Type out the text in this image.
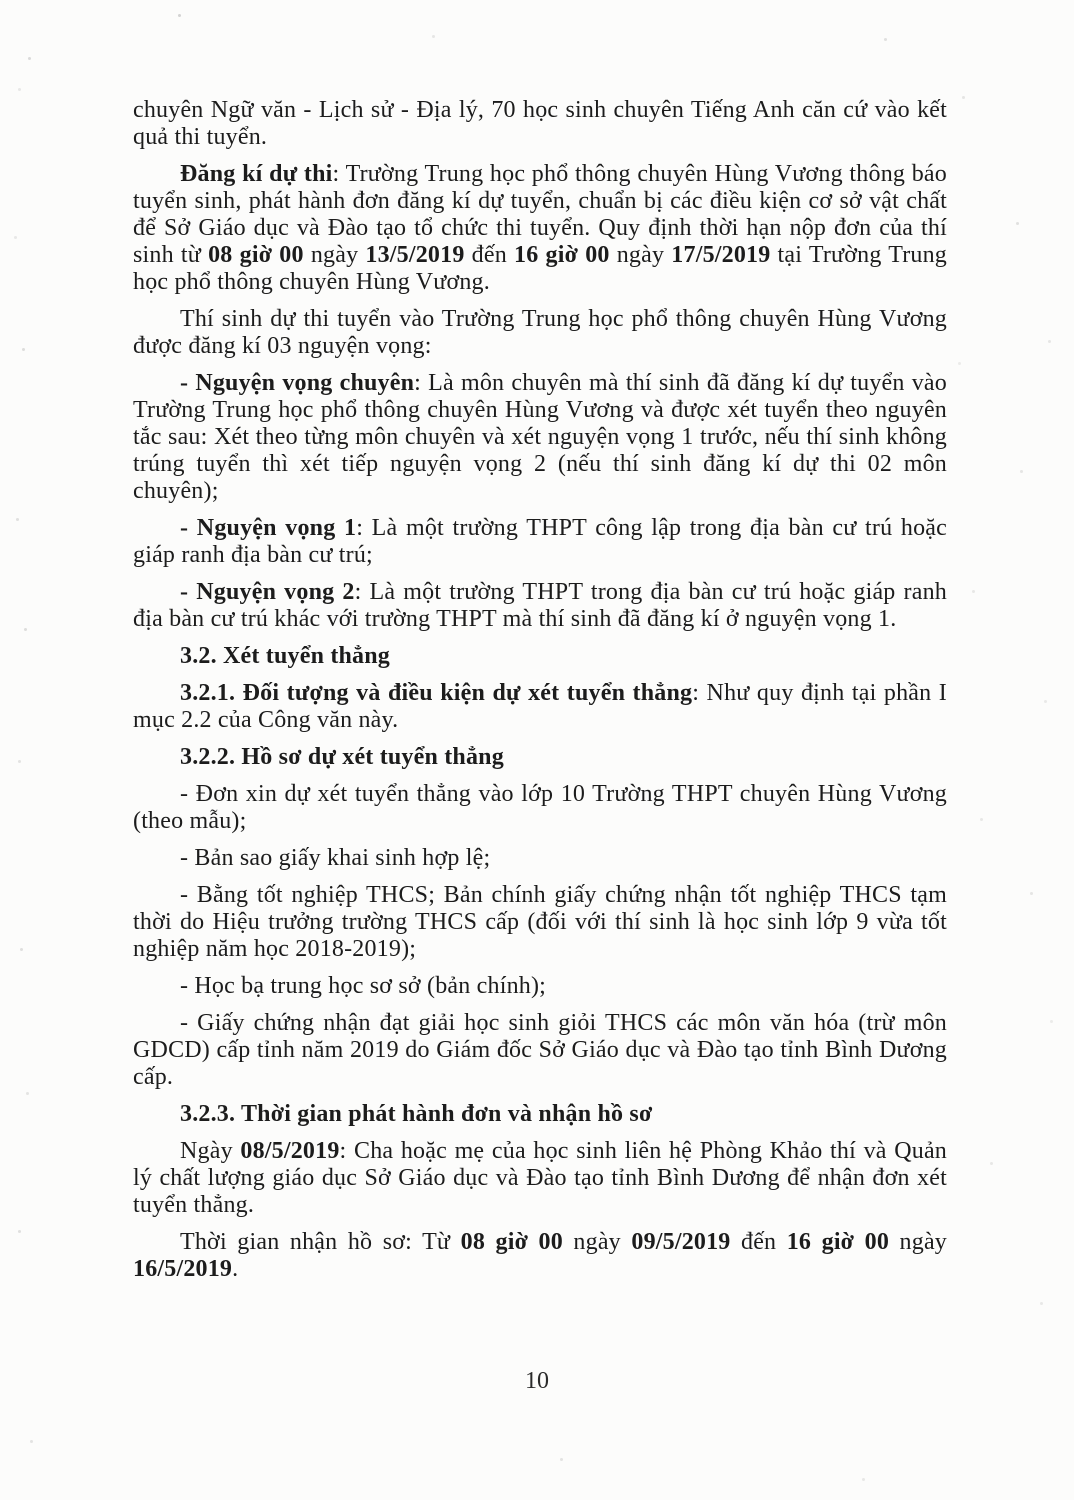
chuyên Ngữ văn - Lịch sử - Địa lý, 70 học sinh chuyên Tiếng Anh căn cứ vào kết quả thi tuyển.

Đăng kí dự thi: Trường Trung học phổ thông chuyên Hùng Vương thông báo tuyển sinh, phát hành đơn đăng kí dự tuyển, chuẩn bị các điều kiện cơ sở vật chất để Sở Giáo dục và Đào tạo tổ chức thi tuyển. Quy định thời hạn nộp đơn của thí sinh từ 08 giờ 00 ngày 13/5/2019 đến 16 giờ 00 ngày 17/5/2019 tại Trường Trung học phổ thông chuyên Hùng Vương.

Thí sinh dự thi tuyển vào Trường Trung học phổ thông chuyên Hùng Vương được đăng kí 03 nguyện vọng:

- Nguyện vọng chuyên: Là môn chuyên mà thí sinh đã đăng kí dự tuyển vào Trường Trung học phổ thông chuyên Hùng Vương và được xét tuyển theo nguyên tắc sau: Xét theo từng môn chuyên và xét nguyện vọng 1 trước, nếu thí sinh không trúng tuyển thì xét tiếp nguyện vọng 2 (nếu thí sinh đăng kí dự thi 02 môn chuyên);

- Nguyện vọng 1: Là một trường THPT công lập trong địa bàn cư trú hoặc giáp ranh địa bàn cư trú;

- Nguyện vọng 2: Là một trường THPT trong địa bàn cư trú hoặc giáp ranh địa bàn cư trú khác với trường THPT mà thí sinh đã đăng kí ở nguyện vọng 1.

3.2. Xét tuyển thẳng

3.2.1. Đối tượng và điều kiện dự xét tuyển thẳng: Như quy định tại phần I mục 2.2 của Công văn này.

3.2.2. Hồ sơ dự xét tuyển thẳng

- Đơn xin dự xét tuyển thẳng vào lớp 10 Trường THPT chuyên Hùng Vương (theo mẫu);

- Bản sao giấy khai sinh hợp lệ;

- Bằng tốt nghiệp THCS; Bản chính giấy chứng nhận tốt nghiệp THCS tạm thời do Hiệu trưởng trường THCS cấp (đối với thí sinh là học sinh lớp 9 vừa tốt nghiệp năm học 2018-2019);

- Học bạ trung học sơ sở (bản chính);

- Giấy chứng nhận đạt giải học sinh giỏi THCS các môn văn hóa (trừ môn GDCD) cấp tỉnh năm 2019 do Giám đốc Sở Giáo dục và Đào tạo tỉnh Bình Dương cấp.

3.2.3. Thời gian phát hành đơn và nhận hồ sơ

Ngày 08/5/2019: Cha hoặc mẹ của học sinh liên hệ Phòng Khảo thí và Quản lý chất lượng giáo dục Sở Giáo dục và Đào tạo tỉnh Bình Dương để nhận đơn xét tuyển thẳng.

Thời gian nhận hồ sơ: Từ 08 giờ 00 ngày 09/5/2019 đến 16 giờ 00 ngày 16/5/2019.

10
